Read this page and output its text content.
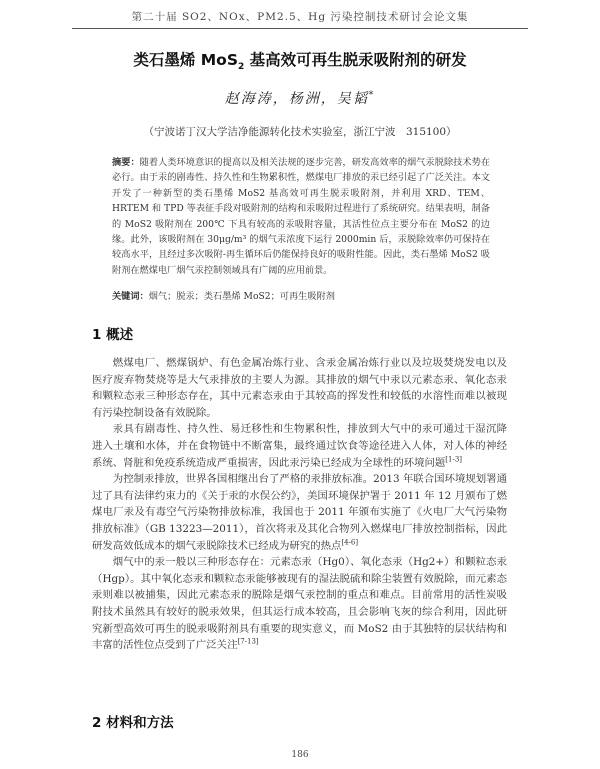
第二十届 SO2、NOx、PM2.5、Hg 污染控制技术研讨会论文集
类石墨烯 MoS$_2$ 基高效可再生脱汞吸附剂的研发
赵海涛，杨洲，吴韬*
（宁波诺丁汉大学洁净能源转化技术实验室，浙江宁波　315100）
摘要：随着人类环境意识的提高以及相关法规的逐步完善，研发高效率的烟气汞脱除技术势在必行。由于汞的剧毒性、持久性和生物累积性，燃煤电厂排放的汞已经引起了广泛关注。本文开发了一种新型的类石墨烯 MoS2 基高效可再生脱汞吸附剂，并利用 XRD、TEM、HRTEM 和 TPD 等表征手段对吸附剂的结构和汞吸附过程进行了系统研究。结果表明，制备的 MoS2 吸附剂在 200℃ 下具有较高的汞吸附容量，其活性位点主要分布在 MoS2 的边缘。此外，该吸附剂在 30μg/m³ 的烟气汞浓度下运行 2000min 后，汞脱除效率仍可保持在较高水平，且经过多次吸附-再生循环后仍能保持良好的吸附性能。因此，类石墨烯 MoS2 吸附剂在燃煤电厂烟气汞控制领域具有广阔的应用前景。
关键词：烟气；脱汞；类石墨烯 MoS2；可再生吸附剂
1 概述

燃煤电厂、燃煤锅炉、有色金属冶炼行业、含汞金属冶炼行业以及垃圾焚烧发电以及医疗废弃物焚烧等是大气汞排放的主要人为源。其排放的烟气中汞以元素态汞、氧化态汞和颗粒态汞三种形态存在，其中元素态汞由于其较高的挥发性和较低的水溶性而难以被现有污染控制设备有效脱除。

汞具有剧毒性、持久性、易迁移性和生物累积性，排放到大气中的汞可通过干湿沉降进入土壤和水体，并在食物链中不断富集，最终通过饮食等途径进入人体，对人体的神经系统、肾脏和免疫系统造成严重损害，因此汞污染已经成为全球性的环境问题[1-3]

为控制汞排放，世界各国相继出台了严格的汞排放标准。2013 年联合国环境规划署通过了具有法律约束力的《关于汞的水俣公约》，美国环境保护署于 2011 年 12 月颁布了燃煤电厂汞及有毒空气污染物排放标准，我国也于 2011 年颁布实施了《火电厂大气污染物排放标准》（GB 13223—2011），首次将汞及其化合物列入燃煤电厂排放控制指标，因此研发高效低成本的烟气汞脱除技术已经成为研究的热点[4-6]

烟气中的汞一般以三种形态存在：元素态汞（Hg0）、氧化态汞（Hg2+）和颗粒态汞（Hgp）。其中氧化态汞和颗粒态汞能够被现有的湿法脱硫和除尘装置有效脱除，而元素态汞则难以被捕集，因此元素态汞的脱除是烟气汞控制的重点和难点。目前常用的活性炭吸附技术虽然具有较好的脱汞效果，但其运行成本较高，且会影响飞灰的综合利用，因此研究新型高效可再生的脱汞吸附剂具有重要的现实意义，而 MoS2 由于其独特的层状结构和丰富的活性位点受到了广泛关注[7-13]

2 材料和方法
186
